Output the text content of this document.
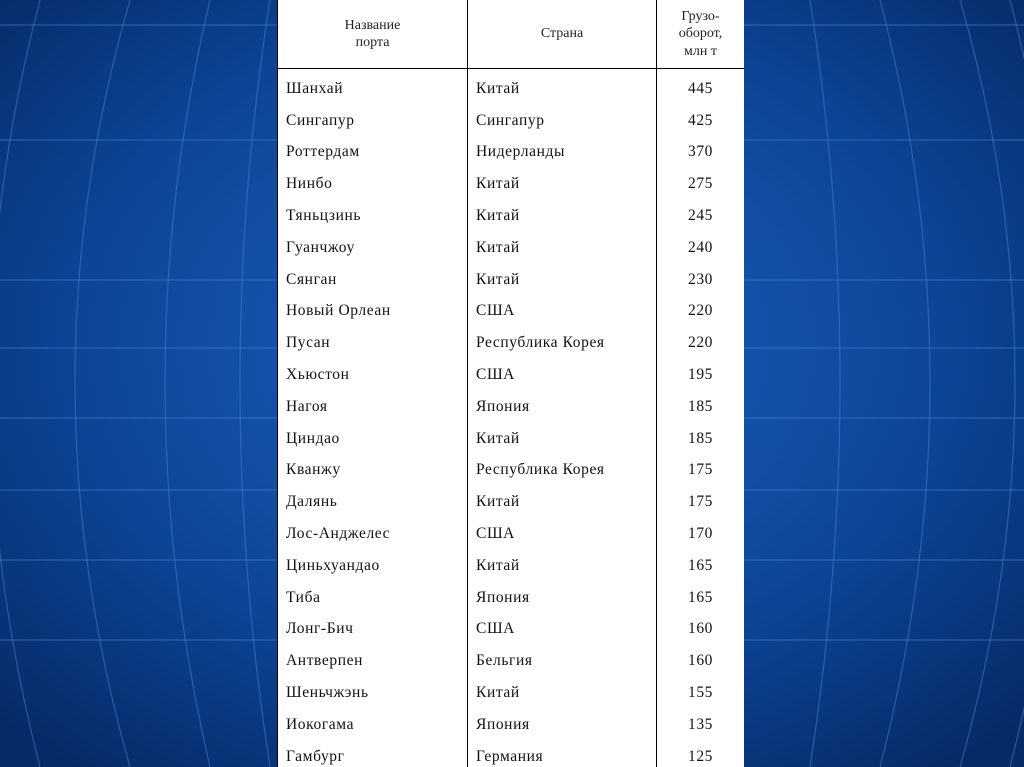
Название
порта	Страна	Грузо-
оборот,
млн т
Шанхай	Китай	445
Сингапур	Сингапур	425
Роттердам	Нидерланды	370
Нинбо	Китай	275
Тяньцзинь	Китай	245
Гуанчжоу	Китай	240
Сянган	Китай	230
Новый Орлеан	США	220
Пусан	Республика Корея	220
Хьюстон	США	195
Нагоя	Япония	185
Циндао	Китай	185
Кванжу	Республика Корея	175
Далянь	Китай	175
Лос-Анджелес	США	170
Циньхуандао	Китай	165
Тиба	Япония	165
Лонг-Бич	США	160
Антверпен	Бельгия	160
Шеньчжэнь	Китай	155
Иокогама	Япония	135
Гамбург	Германия	125
